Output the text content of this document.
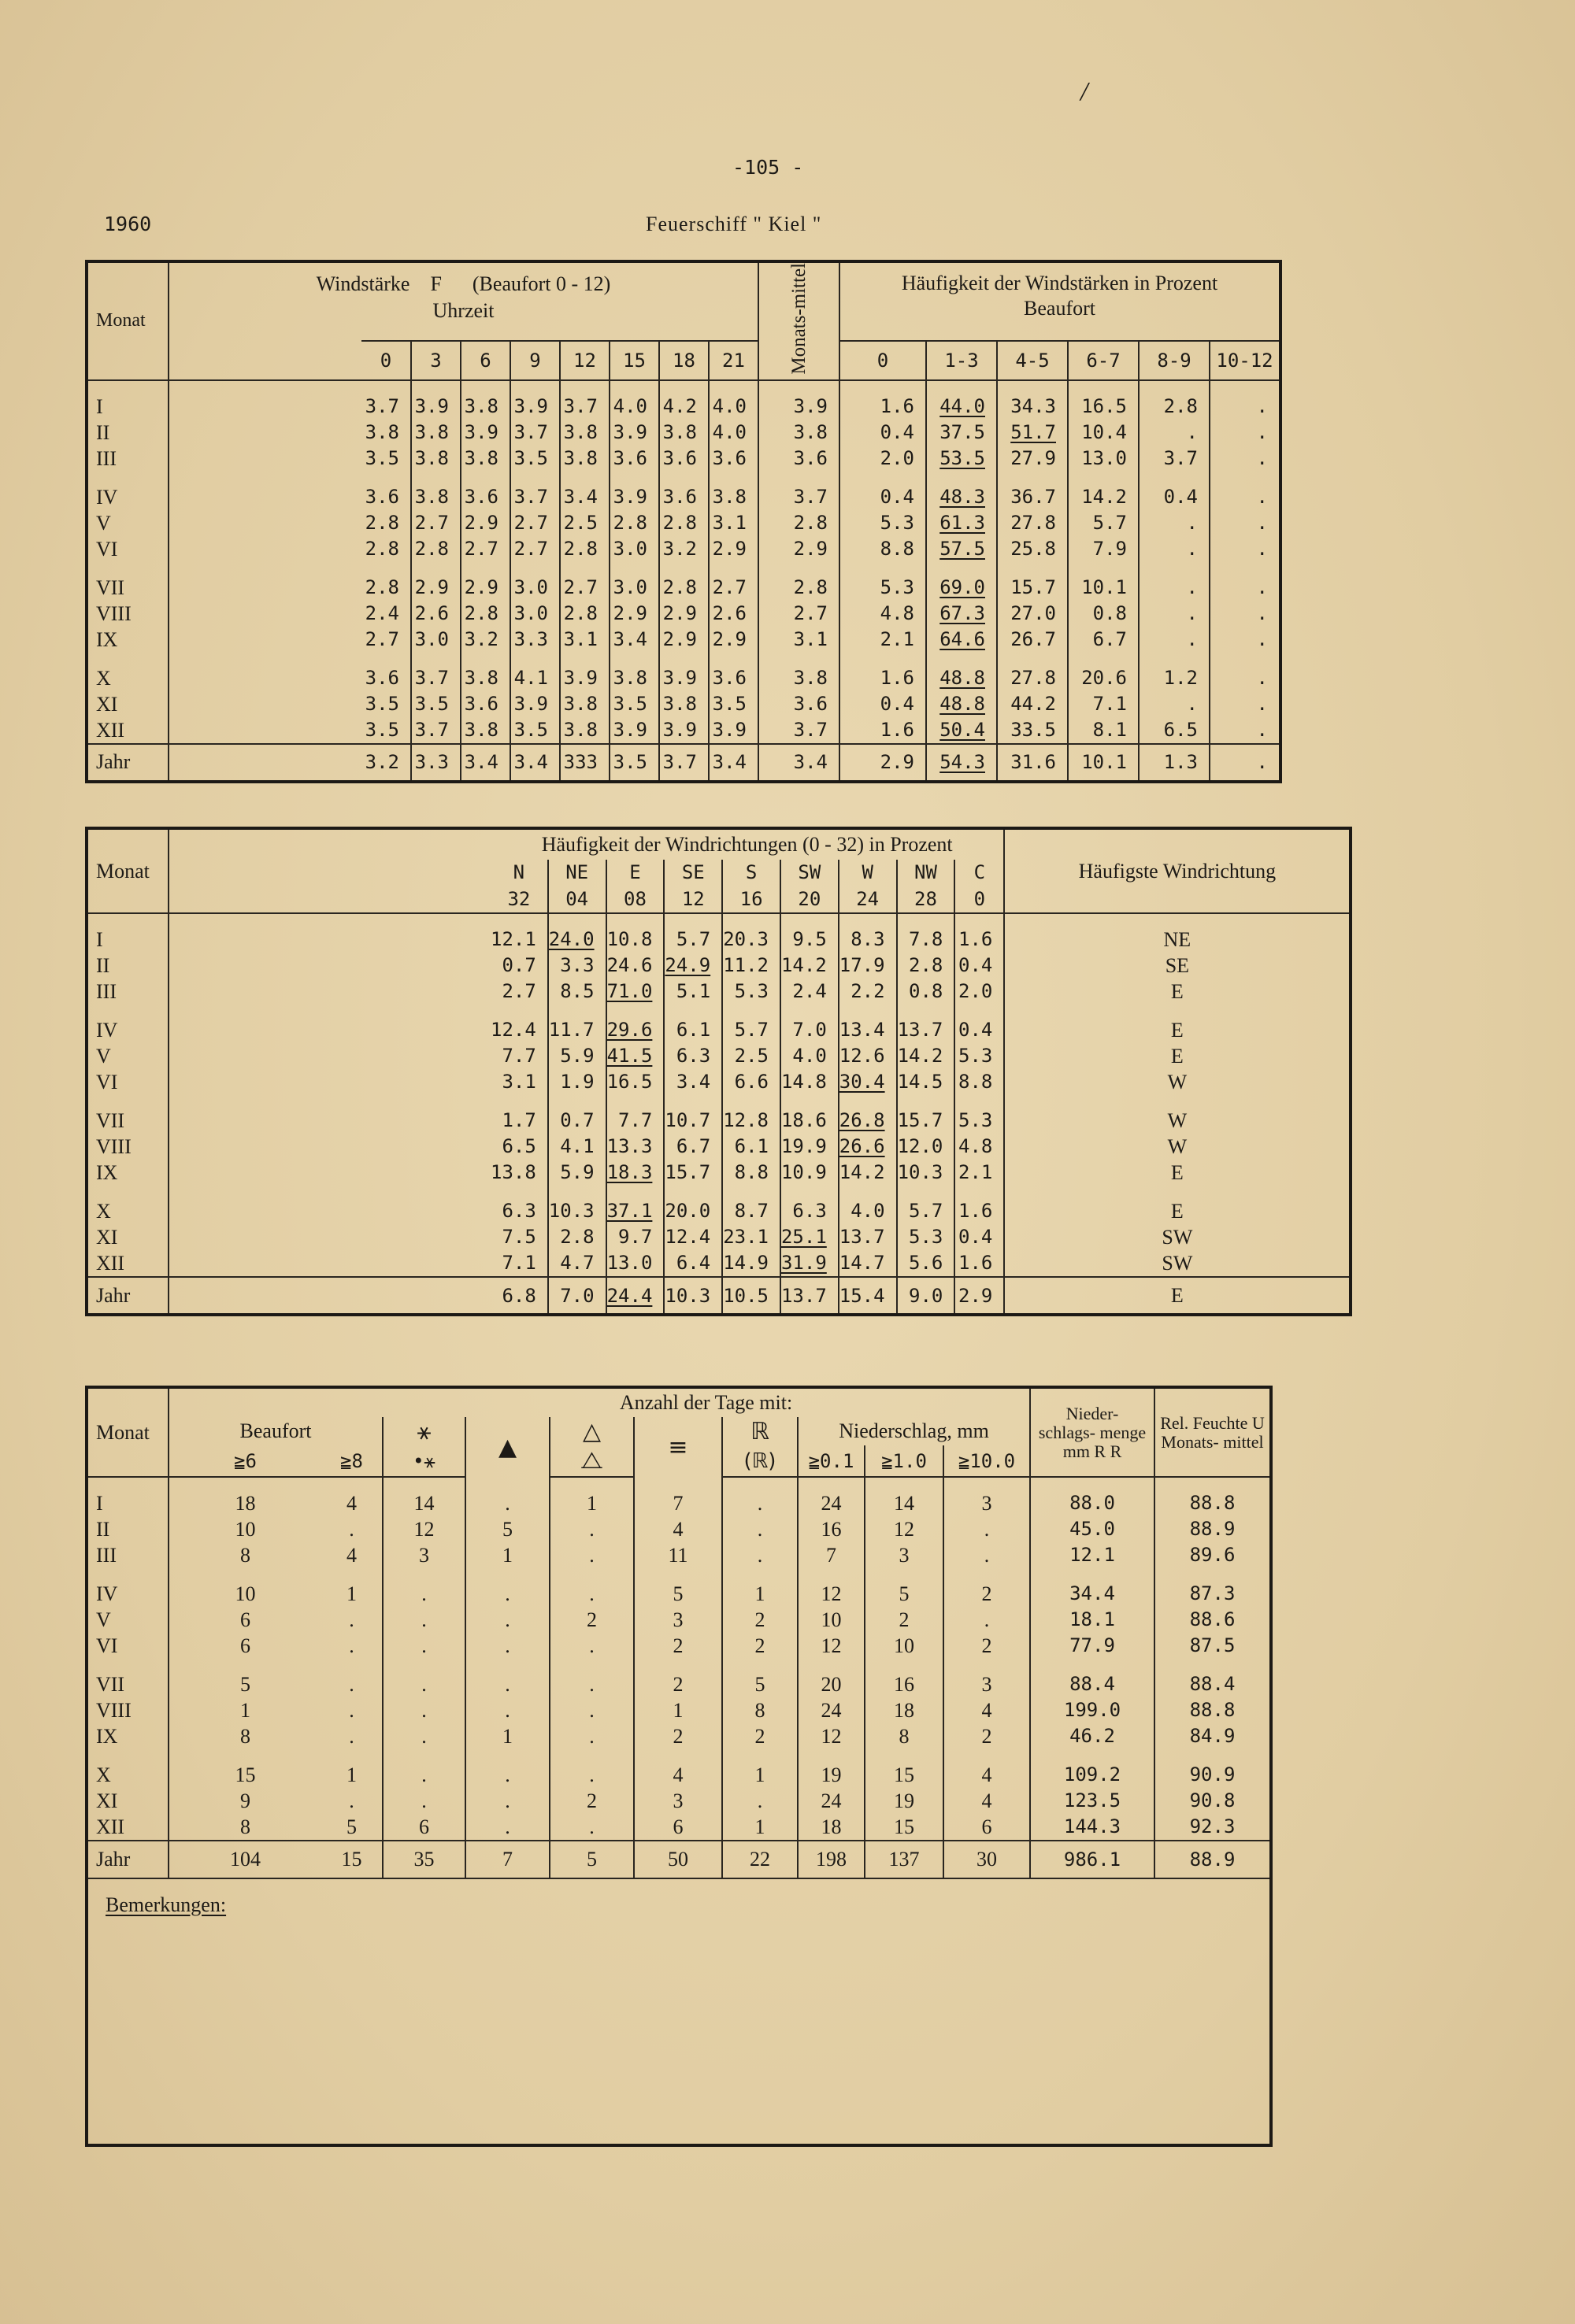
/
-105 -
1960	Feuerschiff " Kiel "
Monat	Windstärke    F      (Beaufort 0 - 12)
Uhrzeit									Monats-mittel	Häufigkeit der Windstärken in Prozent
Beaufort					
		0	3	6	9	12	15	18	21		0	1-3	4-5	6-7	8-9	10-12
I		3.7	3.9	3.8	3.9	3.7	4.0	4.2	4.0	3.9	1.6	44.0	34.3	16.5	2.8	.
II		3.8	3.8	3.9	3.7	3.8	3.9	3.8	4.0	3.8	0.4	37.5	51.7	10.4	.	.
III		3.5	3.8	3.8	3.5	3.8	3.6	3.6	3.6	3.6	2.0	53.5	27.9	13.0	3.7	.
IV		3.6	3.8	3.6	3.7	3.4	3.9	3.6	3.8	3.7	0.4	48.3	36.7	14.2	0.4	.
V		2.8	2.7	2.9	2.7	2.5	2.8	2.8	3.1	2.8	5.3	61.3	27.8	5.7	.	.
VI		2.8	2.8	2.7	2.7	2.8	3.0	3.2	2.9	2.9	8.8	57.5	25.8	7.9	.	.
VII		2.8	2.9	2.9	3.0	2.7	3.0	2.8	2.7	2.8	5.3	69.0	15.7	10.1	.	.
VIII		2.4	2.6	2.8	3.0	2.8	2.9	2.9	2.6	2.7	4.8	67.3	27.0	0.8	.	.
IX		2.7	3.0	3.2	3.3	3.1	3.4	2.9	2.9	3.1	2.1	64.6	26.7	6.7	.	.
X		3.6	3.7	3.8	4.1	3.9	3.8	3.9	3.6	3.8	1.6	48.8	27.8	20.6	1.2	.
XI		3.5	3.5	3.6	3.9	3.8	3.5	3.8	3.5	3.6	0.4	48.8	44.2	7.1	.	.
XII		3.5	3.7	3.8	3.5	3.8	3.9	3.9	3.9	3.7	1.6	50.4	33.5	8.1	6.5	.
Jahr		3.2	3.3	3.4	3.4	333	3.5	3.7	3.4	3.4	2.9	54.3	31.6	10.1	1.3	.
Monat		Häufigkeit der Windrichtungen (0 - 32) in Prozent									Häufigste Windrichtung
		N	NE	E	SE	S	SW	W	NW	C	
		32	04	08	12	16	20	24	28	0	
I		12.1	24.0	10.8	5.7	20.3	9.5	8.3	7.8	1.6	NE
II		0.7	3.3	24.6	24.9	11.2	14.2	17.9	2.8	0.4	SE
III		2.7	8.5	71.0	5.1	5.3	2.4	2.2	0.8	2.0	E
IV		12.4	11.7	29.6	6.1	5.7	7.0	13.4	13.7	0.4	E
V		7.7	5.9	41.5	6.3	2.5	4.0	12.6	14.2	5.3	E
VI		3.1	1.9	16.5	3.4	6.6	14.8	30.4	14.5	8.8	W
VII		1.7	0.7	7.7	10.7	12.8	18.6	26.8	15.7	5.3	W
VIII		6.5	4.1	13.3	6.7	6.1	19.9	26.6	12.0	4.8	W
IX		13.8	5.9	18.3	15.7	8.8	10.9	14.2	10.3	2.1	E
X		6.3	10.3	37.1	20.0	8.7	6.3	4.0	5.7	1.6	E
XI		7.5	2.8	9.7	12.4	23.1	25.1	13.7	5.3	0.4	SW
XII		7.1	4.7	13.0	6.4	14.9	31.9	14.7	5.6	1.6	SW
Jahr		6.8	7.0	24.4	10.3	10.5	13.7	15.4	9.0	2.9	E
Monat			Anzahl der Tage mit:								Nieder- schlags- menge mm R R	Rel. Feuchte U Monats- mittel
	Beaufort		⚹	▲	△	≡	ℝ	Niederschlag, mm				
	≧6	≧8	•⚹		⧍		(ℝ)	≧0.1	≧1.0	≧10.0		
I	18	4	14	.	1	7	.	24	14	3	88.0	88.8
II	10	.	12	5	.	4	.	16	12	.	45.0	88.9
III	8	4	3	1	.	11	.	7	3	.	12.1	89.6
IV	10	1	.	.	.	5	1	12	5	2	34.4	87.3
V	6	.	.	.	2	3	2	10	2	.	18.1	88.6
VI	6	.	.	.	.	2	2	12	10	2	77.9	87.5
VII	5	.	.	.	.	2	5	20	16	3	88.4	88.4
VIII	1	.	.	.	.	1	8	24	18	4	199.0	88.8
IX	8	.	.	1	.	2	2	12	8	2	46.2	84.9
X	15	1	.	.	.	4	1	19	15	4	109.2	90.9
XI	9	.	.	.	2	3	.	24	19	4	123.5	90.8
XII	8	5	6	.	.	6	1	18	15	6	144.3	92.3
Jahr	104	15	35	7	5	50	22	198	137	30	986.1	88.9
Bemerkungen:												
